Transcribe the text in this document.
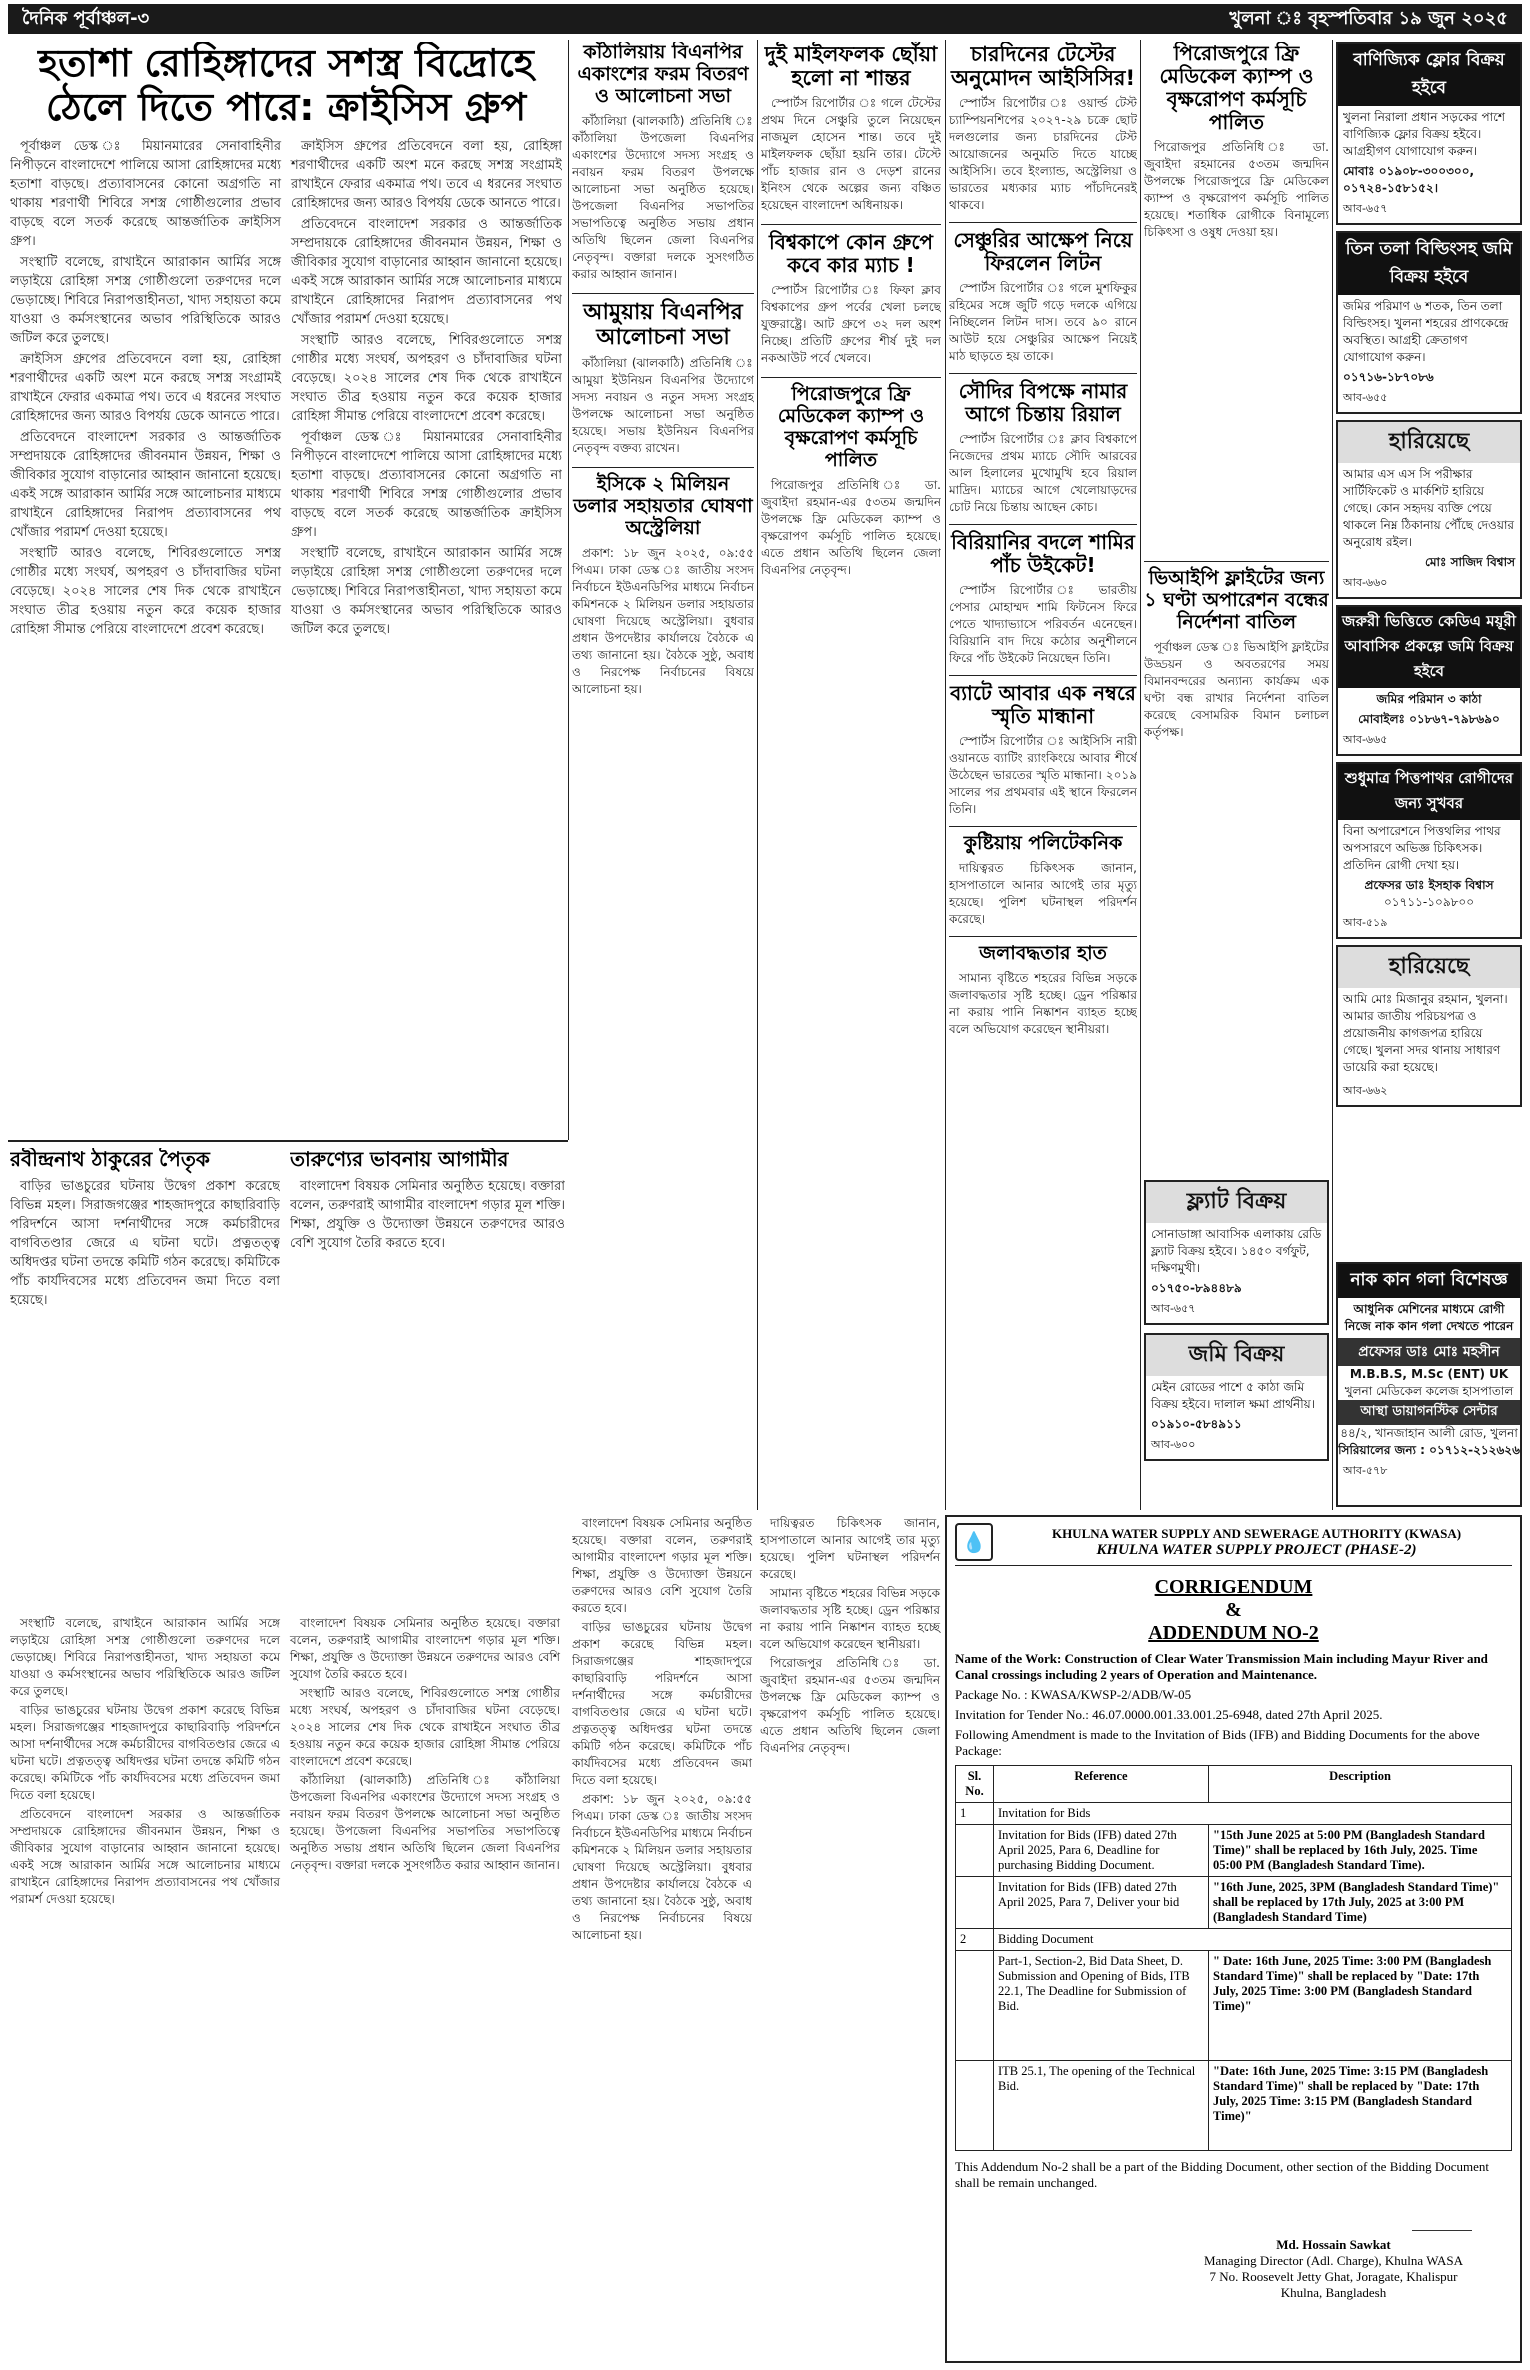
দৈনিক পূর্বাঞ্চল-৩	খুলনা ঃ বৃহস্পতিবার ১৯ জুন ২০২৫
হতাশা রোহিঙ্গাদের সশস্ত্র বিদ্রোহে ঠেলে দিতে পারে: ক্রাইসিস গ্রুপ

পূর্বাঞ্চল ডেস্ক ঃ মিয়ানমারের সেনাবাহিনীর নিপীড়নে বাংলাদেশে পালিয়ে আসা রোহিঙ্গাদের মধ্যে হতাশা বাড়ছে। প্রত্যাবাসনের কোনো অগ্রগতি না থাকায় শরণার্থী শিবিরে সশস্ত্র গোষ্ঠীগুলোর প্রভাব বাড়ছে বলে সতর্ক করেছে আন্তর্জাতিক ক্রাইসিস গ্রুপ।

সংস্থাটি বলেছে, রাখাইনে আরাকান আর্মির সঙ্গে লড়াইয়ে রোহিঙ্গা সশস্ত্র গোষ্ঠীগুলো তরুণদের দলে ভেড়াচ্ছে। শিবিরে নিরাপত্তাহীনতা, খাদ্য সহায়তা কমে যাওয়া ও কর্মসংস্থানের অভাব পরিস্থিতিকে আরও জটিল করে তুলছে।

ক্রাইসিস গ্রুপের প্রতিবেদনে বলা হয়, রোহিঙ্গা শরণার্থীদের একটি অংশ মনে করছে সশস্ত্র সংগ্রামই রাখাইনে ফেরার একমাত্র পথ। তবে এ ধরনের সংঘাত রোহিঙ্গাদের জন্য আরও বিপর্যয় ডেকে আনতে পারে।

প্রতিবেদনে বাংলাদেশ সরকার ও আন্তর্জাতিক সম্প্রদায়কে রোহিঙ্গাদের জীবনমান উন্নয়ন, শিক্ষা ও জীবিকার সুযোগ বাড়ানোর আহ্বান জানানো হয়েছে। একই সঙ্গে আরাকান আর্মির সঙ্গে আলোচনার মাধ্যমে রাখাইনে রোহিঙ্গাদের নিরাপদ প্রত্যাবাসনের পথ খোঁজার পরামর্শ দেওয়া হয়েছে।

সংস্থাটি আরও বলেছে, শিবিরগুলোতে সশস্ত্র গোষ্ঠীর মধ্যে সংঘর্ষ, অপহরণ ও চাঁদাবাজির ঘটনা বেড়েছে। ২০২৪ সালের শেষ দিক থেকে রাখাইনে সংঘাত তীব্র হওয়ায় নতুন করে কয়েক হাজার রোহিঙ্গা সীমান্ত পেরিয়ে বাংলাদেশে প্রবেশ করেছে।

ক্রাইসিস গ্রুপের প্রতিবেদনে বলা হয়, রোহিঙ্গা শরণার্থীদের একটি অংশ মনে করছে সশস্ত্র সংগ্রামই রাখাইনে ফেরার একমাত্র পথ। তবে এ ধরনের সংঘাত রোহিঙ্গাদের জন্য আরও বিপর্যয় ডেকে আনতে পারে।

প্রতিবেদনে বাংলাদেশ সরকার ও আন্তর্জাতিক সম্প্রদায়কে রোহিঙ্গাদের জীবনমান উন্নয়ন, শিক্ষা ও জীবিকার সুযোগ বাড়ানোর আহ্বান জানানো হয়েছে। একই সঙ্গে আরাকান আর্মির সঙ্গে আলোচনার মাধ্যমে রাখাইনে রোহিঙ্গাদের নিরাপদ প্রত্যাবাসনের পথ খোঁজার পরামর্শ দেওয়া হয়েছে।

সংস্থাটি আরও বলেছে, শিবিরগুলোতে সশস্ত্র গোষ্ঠীর মধ্যে সংঘর্ষ, অপহরণ ও চাঁদাবাজির ঘটনা বেড়েছে। ২০২৪ সালের শেষ দিক থেকে রাখাইনে সংঘাত তীব্র হওয়ায় নতুন করে কয়েক হাজার রোহিঙ্গা সীমান্ত পেরিয়ে বাংলাদেশে প্রবেশ করেছে।

পূর্বাঞ্চল ডেস্ক ঃ মিয়ানমারের সেনাবাহিনীর নিপীড়নে বাংলাদেশে পালিয়ে আসা রোহিঙ্গাদের মধ্যে হতাশা বাড়ছে। প্রত্যাবাসনের কোনো অগ্রগতি না থাকায় শরণার্থী শিবিরে সশস্ত্র গোষ্ঠীগুলোর প্রভাব বাড়ছে বলে সতর্ক করেছে আন্তর্জাতিক ক্রাইসিস গ্রুপ।

সংস্থাটি বলেছে, রাখাইনে আরাকান আর্মির সঙ্গে লড়াইয়ে রোহিঙ্গা সশস্ত্র গোষ্ঠীগুলো তরুণদের দলে ভেড়াচ্ছে। শিবিরে নিরাপত্তাহীনতা, খাদ্য সহায়তা কমে যাওয়া ও কর্মসংস্থানের অভাব পরিস্থিতিকে আরও জটিল করে তুলছে।

রবীন্দ্রনাথ ঠাকুরের পৈতৃক

বাড়ির ভাঙচুরের ঘটনায় উদ্বেগ প্রকাশ করেছে বিভিন্ন মহল। সিরাজগঞ্জের শাহজাদপুরে কাছারিবাড়ি পরিদর্শনে আসা দর্শনার্থীদের সঙ্গে কর্মচারীদের বাগবিতণ্ডার জেরে এ ঘটনা ঘটে। প্রত্নতত্ত্ব অধিদপ্তর ঘটনা তদন্তে কমিটি গঠন করেছে। কমিটিকে পাঁচ কার্যদিবসের মধ্যে প্রতিবেদন জমা দিতে বলা হয়েছে।

তারুণ্যের ভাবনায় আগামীর

বাংলাদেশ বিষয়ক সেমিনার অনুষ্ঠিত হয়েছে। বক্তারা বলেন, তরুণরাই আগামীর বাংলাদেশ গড়ার মূল শক্তি। শিক্ষা, প্রযুক্তি ও উদ্যোক্তা উন্নয়নে তরুণদের আরও বেশি সুযোগ তৈরি করতে হবে।

কাঁঠালিয়ায় বিএনপির একাংশের ফরম বিতরণ ও আলোচনা সভা

কাঁঠালিয়া (ঝালকাঠি) প্রতিনিধি ঃ কাঁঠালিয়া উপজেলা বিএনপির একাংশের উদ্যোগে সদস্য সংগ্রহ ও নবায়ন ফরম বিতরণ উপলক্ষে আলোচনা সভা অনুষ্ঠিত হয়েছে। উপজেলা বিএনপির সভাপতির সভাপতিত্বে অনুষ্ঠিত সভায় প্রধান অতিথি ছিলেন জেলা বিএনপির নেতৃবৃন্দ। বক্তারা দলকে সুসংগঠিত করার আহ্বান জানান।

আমুয়ায় বিএনপির আলোচনা সভা

কাঁঠালিয়া (ঝালকাঠি) প্রতিনিধি ঃ আমুয়া ইউনিয়ন বিএনপির উদ্যোগে সদস্য নবায়ন ও নতুন সদস্য সংগ্রহ উপলক্ষে আলোচনা সভা অনুষ্ঠিত হয়েছে। সভায় ইউনিয়ন বিএনপির নেতৃবৃন্দ বক্তব্য রাখেন।

ইসিকে ২ মিলিয়ন ডলার সহায়তার ঘোষণা অস্ট্রেলিয়া

প্রকাশ: ১৮ জুন ২০২৫, ০৯:৫৫ পিএম। ঢাকা ডেস্ক ঃ জাতীয় সংসদ নির্বাচনে ইউএনডিপির মাধ্যমে নির্বাচন কমিশনকে ২ মিলিয়ন ডলার সহায়তার ঘোষণা দিয়েছে অস্ট্রেলিয়া। বুধবার প্রধান উপদেষ্টার কার্যালয়ে বৈঠকে এ তথ্য জানানো হয়। বৈঠকে সুষ্ঠু, অবাধ ও নিরপেক্ষ নির্বাচনের বিষয়ে আলোচনা হয়।

দুই মাইলফলক ছোঁয়া হলো না শান্তর

স্পোর্টস রিপোর্টার ঃ গলে টেস্টের প্রথম দিনে সেঞ্চুরি তুলে নিয়েছেন নাজমুল হোসেন শান্ত। তবে দুই মাইলফলক ছোঁয়া হয়নি তার। টেস্টে পাঁচ হাজার রান ও দেড়শ রানের ইনিংস থেকে অল্পের জন্য বঞ্চিত হয়েছেন বাংলাদেশ অধিনায়ক।

বিশ্বকাপে কোন গ্রুপে কবে কার ম্যাচ !

স্পোর্টস রিপোর্টার ঃ ফিফা ক্লাব বিশ্বকাপের গ্রুপ পর্বের খেলা চলছে যুক্তরাষ্ট্রে। আট গ্রুপে ৩২ দল অংশ নিচ্ছে। প্রতিটি গ্রুপের শীর্ষ দুই দল নকআউট পর্বে খেলবে।

পিরোজপুরে ফ্রি মেডিকেল ক্যাম্প ও বৃক্ষরোপণ কর্মসূচি পালিত

পিরোজপুর প্রতিনিধি ঃ ডা. জুবাইদা রহমান-এর ৫৩তম জন্মদিন উপলক্ষে ফ্রি মেডিকেল ক্যাম্প ও বৃক্ষরোপণ কর্মসূচি পালিত হয়েছে। এতে প্রধান অতিথি ছিলেন জেলা বিএনপির নেতৃবৃন্দ।

চারদিনের টেস্টের অনুমোদন আইসিসির!

স্পোর্টস রিপোর্টার ঃ ওয়ার্ল্ড টেস্ট চ্যাম্পিয়নশিপের ২০২৭-২৯ চক্রে ছোট দলগুলোর জন্য চারদিনের টেস্ট আয়োজনের অনুমতি দিতে যাচ্ছে আইসিসি। তবে ইংল্যান্ড, অস্ট্রেলিয়া ও ভারতের মধ্যকার ম্যাচ পাঁচদিনেরই থাকবে।

সেঞ্চুরির আক্ষেপ নিয়ে ফিরলেন লিটন

স্পোর্টস রিপোর্টার ঃ গলে মুশফিকুর রহিমের সঙ্গে জুটি গড়ে দলকে এগিয়ে নিচ্ছিলেন লিটন দাস। তবে ৯০ রানে আউট হয়ে সেঞ্চুরির আক্ষেপ নিয়েই মাঠ ছাড়তে হয় তাকে।

সৌদির বিপক্ষে নামার আগে চিন্তায় রিয়াল

স্পোর্টস রিপোর্টার ঃ ক্লাব বিশ্বকাপে নিজেদের প্রথম ম্যাচে সৌদি আরবের আল হিলালের মুখোমুখি হবে রিয়াল মাদ্রিদ। ম্যাচের আগে খেলোয়াড়দের চোট নিয়ে চিন্তায় আছেন কোচ।

বিরিয়ানির বদলে শামির পাঁচ উইকেট!

স্পোর্টস রিপোর্টার ঃ ভারতীয় পেসার মোহাম্মদ শামি ফিটনেস ফিরে পেতে খাদ্যাভ্যাসে পরিবর্তন এনেছেন। বিরিয়ানি বাদ দিয়ে কঠোর অনুশীলনে ফিরে পাঁচ উইকেট নিয়েছেন তিনি।

ব্যাটে আবার এক নম্বরে স্মৃতি মান্ধানা

স্পোর্টস রিপোর্টার ঃ আইসিসি নারী ওয়ানডে ব্যাটিং র‍্যাংকিংয়ে আবার শীর্ষে উঠেছেন ভারতের স্মৃতি মান্ধানা। ২০১৯ সালের পর প্রথমবার এই স্থানে ফিরলেন তিনি।

কুষ্টিয়ায় পলিটেকনিক

দায়িত্বরত চিকিৎসক জানান, হাসপাতালে আনার আগেই তার মৃত্যু হয়েছে। পুলিশ ঘটনাস্থল পরিদর্শন করেছে।

জলাবদ্ধতার হাত

সামান্য বৃষ্টিতে শহরের বিভিন্ন সড়কে জলাবদ্ধতার সৃষ্টি হচ্ছে। ড্রেন পরিষ্কার না করায় পানি নিষ্কাশন ব্যাহত হচ্ছে বলে অভিযোগ করেছেন স্থানীয়রা।

পিরোজপুরে ফ্রি মেডিকেল ক্যাম্প ও বৃক্ষরোপণ কর্মসূচি পালিত

পিরোজপুর প্রতিনিধি ঃ ডা. জুবাইদা রহমানের ৫৩তম জন্মদিন উপলক্ষে পিরোজপুরে ফ্রি মেডিকেল ক্যাম্প ও বৃক্ষরোপণ কর্মসূচি পালিত হয়েছে। শতাধিক রোগীকে বিনামূল্যে চিকিৎসা ও ওষুধ দেওয়া হয়।

ভিআইপি ফ্লাইটের জন্য ১ ঘণ্টা অপারেশন বন্ধের নির্দেশনা বাতিল

পূর্বাঞ্চল ডেস্ক ঃ ভিআইপি ফ্লাইটের উড্ডয়ন ও অবতরণের সময় বিমানবন্দরের অন্যান্য কার্যক্রম এক ঘণ্টা বন্ধ রাখার নির্দেশনা বাতিল করেছে বেসামরিক বিমান চলাচল কর্তৃপক্ষ।

বাণিজ্যিক ফ্লোর বিক্রয় হইবে
খুলনা নিরালা প্রধান সড়কের পাশে বাণিজ্যিক ফ্লোর বিক্রয় হইবে। আগ্রহীগণ যোগাযোগ করুন।
মোবাঃ ০১৯০৮-৩০০৩০০, ০১৭২৪-১৫৮১৫২।
আব-৬৫৭
তিন তলা বিল্ডিংসহ জমি বিক্রয় হইবে
জমির পরিমাণ ৬ শতক, তিন তলা বিল্ডিংসহ। খুলনা শহরের প্রাণকেন্দ্রে অবস্থিত। আগ্রহী ক্রেতাগণ যোগাযোগ করুন।
০১৭১৬-১৮৭০৮৬
আব-৬৫৫
হারিয়েছে
আমার এস এস সি পরীক্ষার সার্টিফিকেট ও মার্কশিট হারিয়ে গেছে। কোন সহৃদয় ব্যক্তি পেয়ে থাকলে নিম্ন ঠিকানায় পৌঁছে দেওয়ার অনুরোধ রইল।
মোঃ সাজিদ বিশ্বাস
আব-৬৬০
জরুরী ভিত্তিতে কেডিএ ময়ূরী আবাসিক প্রকল্পে জমি বিক্রয় হইবে
জমির পরিমান ৩ কাঠা
মোবাইলঃ ০১৮৬৭-৭৯৮৬৯০
আব-৬৬৫
শুধুমাত্র পিত্তপাথর রোগীদের জন্য সুখবর
বিনা অপারেশনে পিত্তথলির পাথর অপসারণে অভিজ্ঞ চিকিৎসক। প্রতিদিন রোগী দেখা হয়।
প্রফেসর ডাঃ ইসহাক বিশ্বাস
০১৭১১-১০৯৮০০
আব-৫১৯
হারিয়েছে
আমি মোঃ মিজানুর রহমান, খুলনা। আমার জাতীয় পরিচয়পত্র ও প্রয়োজনীয় কাগজপত্র হারিয়ে গেছে। খুলনা সদর থানায় সাধারণ ডায়েরি করা হয়েছে।
আব-৬৬২
নাক কান গলা বিশেষজ্ঞ
আধুনিক মেশিনের মাধ্যমে রোগী নিজে নাক কান গলা দেখতে পারেন
প্রফেসর ডাঃ মোঃ মহসীন
M.B.B.S, M.Sc (ENT) UK
খুলনা মেডিকেল কলেজ হাসপাতাল
আস্থা ডায়াগনস্টিক সেন্টার
৪৪/২, খানজাহান আলী রোড, খুলনা
সিরিয়ালের জন্য : ০১৭১২-২১২৬২৬
আব-৫৭৮
ফ্ল্যাট বিক্রয়
সোনাডাঙ্গা আবাসিক এলাকায় রেডি ফ্ল্যাট বিক্রয় হইবে। ১৪৫০ বর্গফুট, দক্ষিণমুখী।
০১৭৫০-৮৯৪৪৮৯
আব-৬৫৭
জমি বিক্রয়
মেইন রোডের পাশে ৫ কাঠা জমি বিক্রয় হইবে। দালাল ক্ষমা প্রার্থনীয়।
০১৯১০-৫৮৪৯১১
আব-৬০০

বাংলাদেশ বিষয়ক সেমিনার অনুষ্ঠিত হয়েছে। বক্তারা বলেন, তরুণরাই আগামীর বাংলাদেশ গড়ার মূল শক্তি। শিক্ষা, প্রযুক্তি ও উদ্যোক্তা উন্নয়নে তরুণদের আরও বেশি সুযোগ তৈরি করতে হবে।

বাড়ির ভাঙচুরের ঘটনায় উদ্বেগ প্রকাশ করেছে বিভিন্ন মহল। সিরাজগঞ্জের শাহজাদপুরে কাছারিবাড়ি পরিদর্শনে আসা দর্শনার্থীদের সঙ্গে কর্মচারীদের বাগবিতণ্ডার জেরে এ ঘটনা ঘটে। প্রত্নতত্ত্ব অধিদপ্তর ঘটনা তদন্তে কমিটি গঠন করেছে। কমিটিকে পাঁচ কার্যদিবসের মধ্যে প্রতিবেদন জমা দিতে বলা হয়েছে।

প্রকাশ: ১৮ জুন ২০২৫, ০৯:৫৫ পিএম। ঢাকা ডেস্ক ঃ জাতীয় সংসদ নির্বাচনে ইউএনডিপির মাধ্যমে নির্বাচন কমিশনকে ২ মিলিয়ন ডলার সহায়তার ঘোষণা দিয়েছে অস্ট্রেলিয়া। বুধবার প্রধান উপদেষ্টার কার্যালয়ে বৈঠকে এ তথ্য জানানো হয়। বৈঠকে সুষ্ঠু, অবাধ ও নিরপেক্ষ নির্বাচনের বিষয়ে আলোচনা হয়।

দায়িত্বরত চিকিৎসক জানান, হাসপাতালে আনার আগেই তার মৃত্যু হয়েছে। পুলিশ ঘটনাস্থল পরিদর্শন করেছে।

সামান্য বৃষ্টিতে শহরের বিভিন্ন সড়কে জলাবদ্ধতার সৃষ্টি হচ্ছে। ড্রেন পরিষ্কার না করায় পানি নিষ্কাশন ব্যাহত হচ্ছে বলে অভিযোগ করেছেন স্থানীয়রা।

পিরোজপুর প্রতিনিধি ঃ ডা. জুবাইদা রহমান-এর ৫৩তম জন্মদিন উপলক্ষে ফ্রি মেডিকেল ক্যাম্প ও বৃক্ষরোপণ কর্মসূচি পালিত হয়েছে। এতে প্রধান অতিথি ছিলেন জেলা বিএনপির নেতৃবৃন্দ।

সংস্থাটি বলেছে, রাখাইনে আরাকান আর্মির সঙ্গে লড়াইয়ে রোহিঙ্গা সশস্ত্র গোষ্ঠীগুলো তরুণদের দলে ভেড়াচ্ছে। শিবিরে নিরাপত্তাহীনতা, খাদ্য সহায়তা কমে যাওয়া ও কর্মসংস্থানের অভাব পরিস্থিতিকে আরও জটিল করে তুলছে।

বাড়ির ভাঙচুরের ঘটনায় উদ্বেগ প্রকাশ করেছে বিভিন্ন মহল। সিরাজগঞ্জের শাহজাদপুরে কাছারিবাড়ি পরিদর্শনে আসা দর্শনার্থীদের সঙ্গে কর্মচারীদের বাগবিতণ্ডার জেরে এ ঘটনা ঘটে। প্রত্নতত্ত্ব অধিদপ্তর ঘটনা তদন্তে কমিটি গঠন করেছে। কমিটিকে পাঁচ কার্যদিবসের মধ্যে প্রতিবেদন জমা দিতে বলা হয়েছে।

প্রতিবেদনে বাংলাদেশ সরকার ও আন্তর্জাতিক সম্প্রদায়কে রোহিঙ্গাদের জীবনমান উন্নয়ন, শিক্ষা ও জীবিকার সুযোগ বাড়ানোর আহ্বান জানানো হয়েছে। একই সঙ্গে আরাকান আর্মির সঙ্গে আলোচনার মাধ্যমে রাখাইনে রোহিঙ্গাদের নিরাপদ প্রত্যাবাসনের পথ খোঁজার পরামর্শ দেওয়া হয়েছে।

বাংলাদেশ বিষয়ক সেমিনার অনুষ্ঠিত হয়েছে। বক্তারা বলেন, তরুণরাই আগামীর বাংলাদেশ গড়ার মূল শক্তি। শিক্ষা, প্রযুক্তি ও উদ্যোক্তা উন্নয়নে তরুণদের আরও বেশি সুযোগ তৈরি করতে হবে।

সংস্থাটি আরও বলেছে, শিবিরগুলোতে সশস্ত্র গোষ্ঠীর মধ্যে সংঘর্ষ, অপহরণ ও চাঁদাবাজির ঘটনা বেড়েছে। ২০২৪ সালের শেষ দিক থেকে রাখাইনে সংঘাত তীব্র হওয়ায় নতুন করে কয়েক হাজার রোহিঙ্গা সীমান্ত পেরিয়ে বাংলাদেশে প্রবেশ করেছে।

কাঁঠালিয়া (ঝালকাঠি) প্রতিনিধি ঃ কাঁঠালিয়া উপজেলা বিএনপির একাংশের উদ্যোগে সদস্য সংগ্রহ ও নবায়ন ফরম বিতরণ উপলক্ষে আলোচনা সভা অনুষ্ঠিত হয়েছে। উপজেলা বিএনপির সভাপতির সভাপতিত্বে অনুষ্ঠিত সভায় প্রধান অতিথি ছিলেন জেলা বিএনপির নেতৃবৃন্দ। বক্তারা দলকে সুসংগঠিত করার আহ্বান জানান।

💧	KHULNA WATER SUPPLY AND SEWERAGE AUTHORITY (KWASA)
KHULNA WATER SUPPLY PROJECT (PHASE-2)
CORRIGENDUM
&
ADDENDUM NO-2
Name of the Work: Construction of Clear Water Transmission Main including Mayur River and Canal crossings including 2 years of Operation and Maintenance.
Package No. : KWASA/KWSP-2/ADB/W-05
Invitation for Tender No.: 46.07.0000.001.33.001.25-6948, dated 27th April 2025.
Following Amendment is made to the Invitation of Bids (IFB) and Bidding Documents for the above Package:
Sl. No.	Reference	Description
1	Invitation for Bids	
	Invitation for Bids (IFB) dated 27th April 2025, Para 6, Deadline for purchasing Bidding Document.	"15th June 2025 at 5:00 PM (Bangladesh Standard Time)" shall be replaced by 16th July, 2025. Time 05:00 PM (Bangladesh Standard Time).
	Invitation for Bids (IFB) dated 27th April 2025, Para 7, Deliver your bid	"16th June, 2025, 3PM (Bangladesh Standard Time)" shall be replaced by 17th July, 2025 at 3:00 PM (Bangladesh Standard Time)
2	Bidding Document	
	Part-1, Section-2, Bid Data Sheet, D. Submission and Opening of Bids, ITB 22.1, The Deadline for Submission of Bid.	" Date: 16th June, 2025 Time: 3:00 PM (Bangladesh Standard Time)" shall be replaced by "Date: 17th July, 2025 Time: 3:00 PM (Bangladesh Standard Time)"
	ITB 25.1, The opening of the Technical Bid.	"Date: 16th June, 2025 Time: 3:15 PM (Bangladesh Standard Time)" shall be replaced by "Date: 17th July, 2025 Time: 3:15 PM (Bangladesh Standard Time)"
This Addendum No-2 shall be a part of the Bidding Document, other section of the Bidding Document shall be remain unchanged.
Md. Hossain Sawkat
Managing Director (Adl. Charge), Khulna WASA
7 No. Roosevelt Jetty Ghat, Joragate, Khalispur
Khulna, Bangladesh
